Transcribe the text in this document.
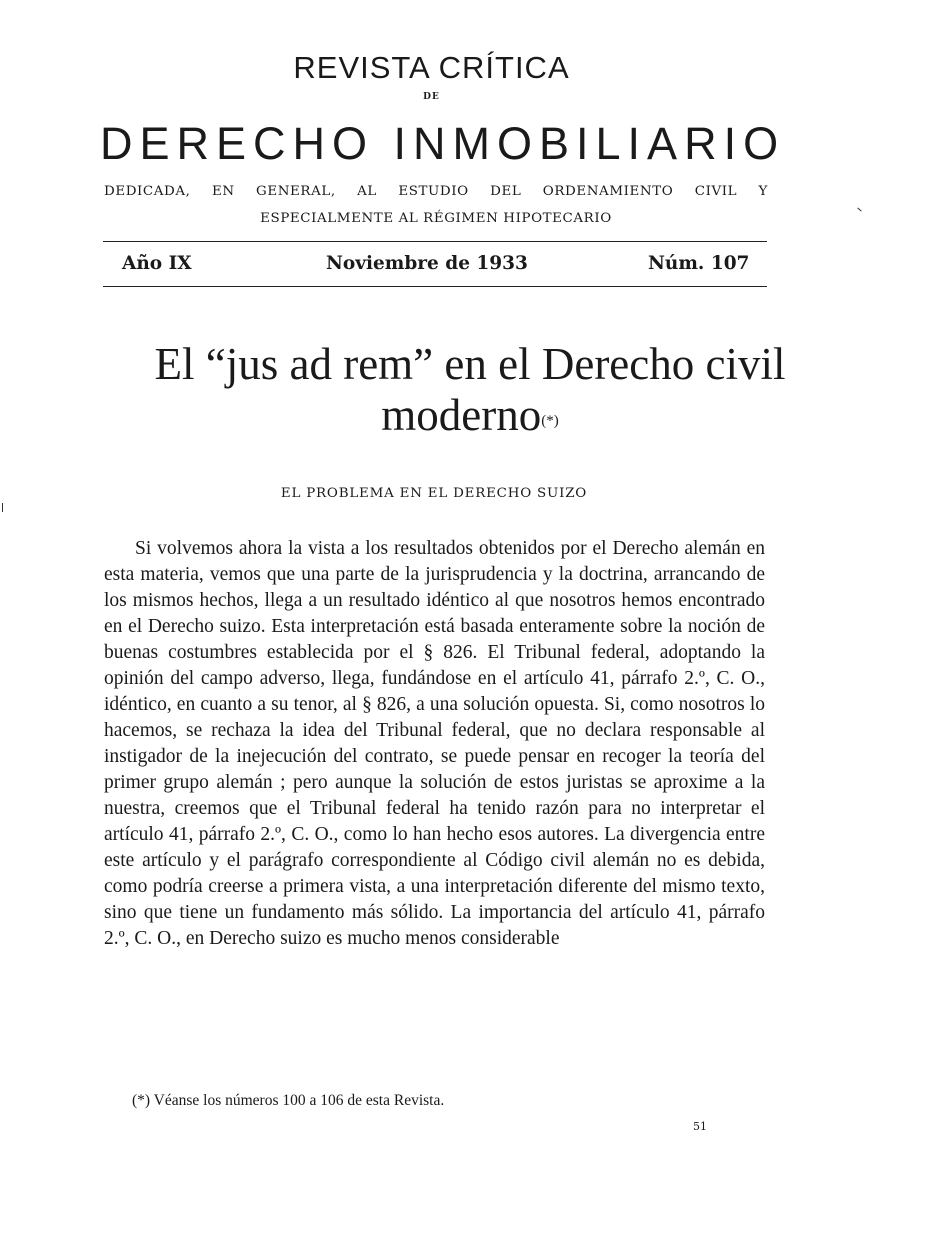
REVISTA CRÍTICA
DE
DERECHO INMOBILIARIO
DEDICADA, EN GENERAL, AL ESTUDIO DEL ORDENAMIENTO CIVIL Y ESPECIALMENTE AL RÉGIMEN HIPOTECARIO
Año IX	Noviembre de 1933	Núm. 107
El “jus ad rem” en el Derecho civil moderno(*)
EL PROBLEMA EN EL DERECHO SUIZO
Si volvemos ahora la vista a los resultados obtenidos por el Derecho alemán en esta materia, vemos que una parte de la jurisprudencia y la doctrina, arrancando de los mismos hechos, llega a un resultado idéntico al que nosotros hemos encontrado en el Derecho suizo. Esta interpretación está basada enteramente sobre la noción de buenas costumbres establecida por el § 826. El Tribunal federal, adoptando la opinión del campo adverso, llega, fundándose en el artículo 41, párrafo 2.º, C. O., idéntico, en cuanto a su tenor, al § 826, a una solución opuesta. Si, como nosotros lo hacemos, se rechaza la idea del Tribunal federal, que no declara responsable al instigador de la inejecución del contrato, se puede pensar en recoger la teoría del primer grupo alemán ; pero aunque la solución de estos juristas se aproxime a la nuestra, creemos que el Tribunal federal ha tenido razón para no interpretar el artículo 41, párrafo 2.º, C. O., como lo han hecho esos autores. La divergencia entre este artículo y el parágrafo correspondiente al Código civil alemán no es debida, como podría creerse a primera vista, a una interpretación diferente del mismo texto, sino que tiene un fundamento más sólido. La importancia del artículo 41, párrafo 2.º, C. O., en Derecho suizo es mucho menos considerable
(*) Véanse los números 100 a 106 de esta Revista.
51
